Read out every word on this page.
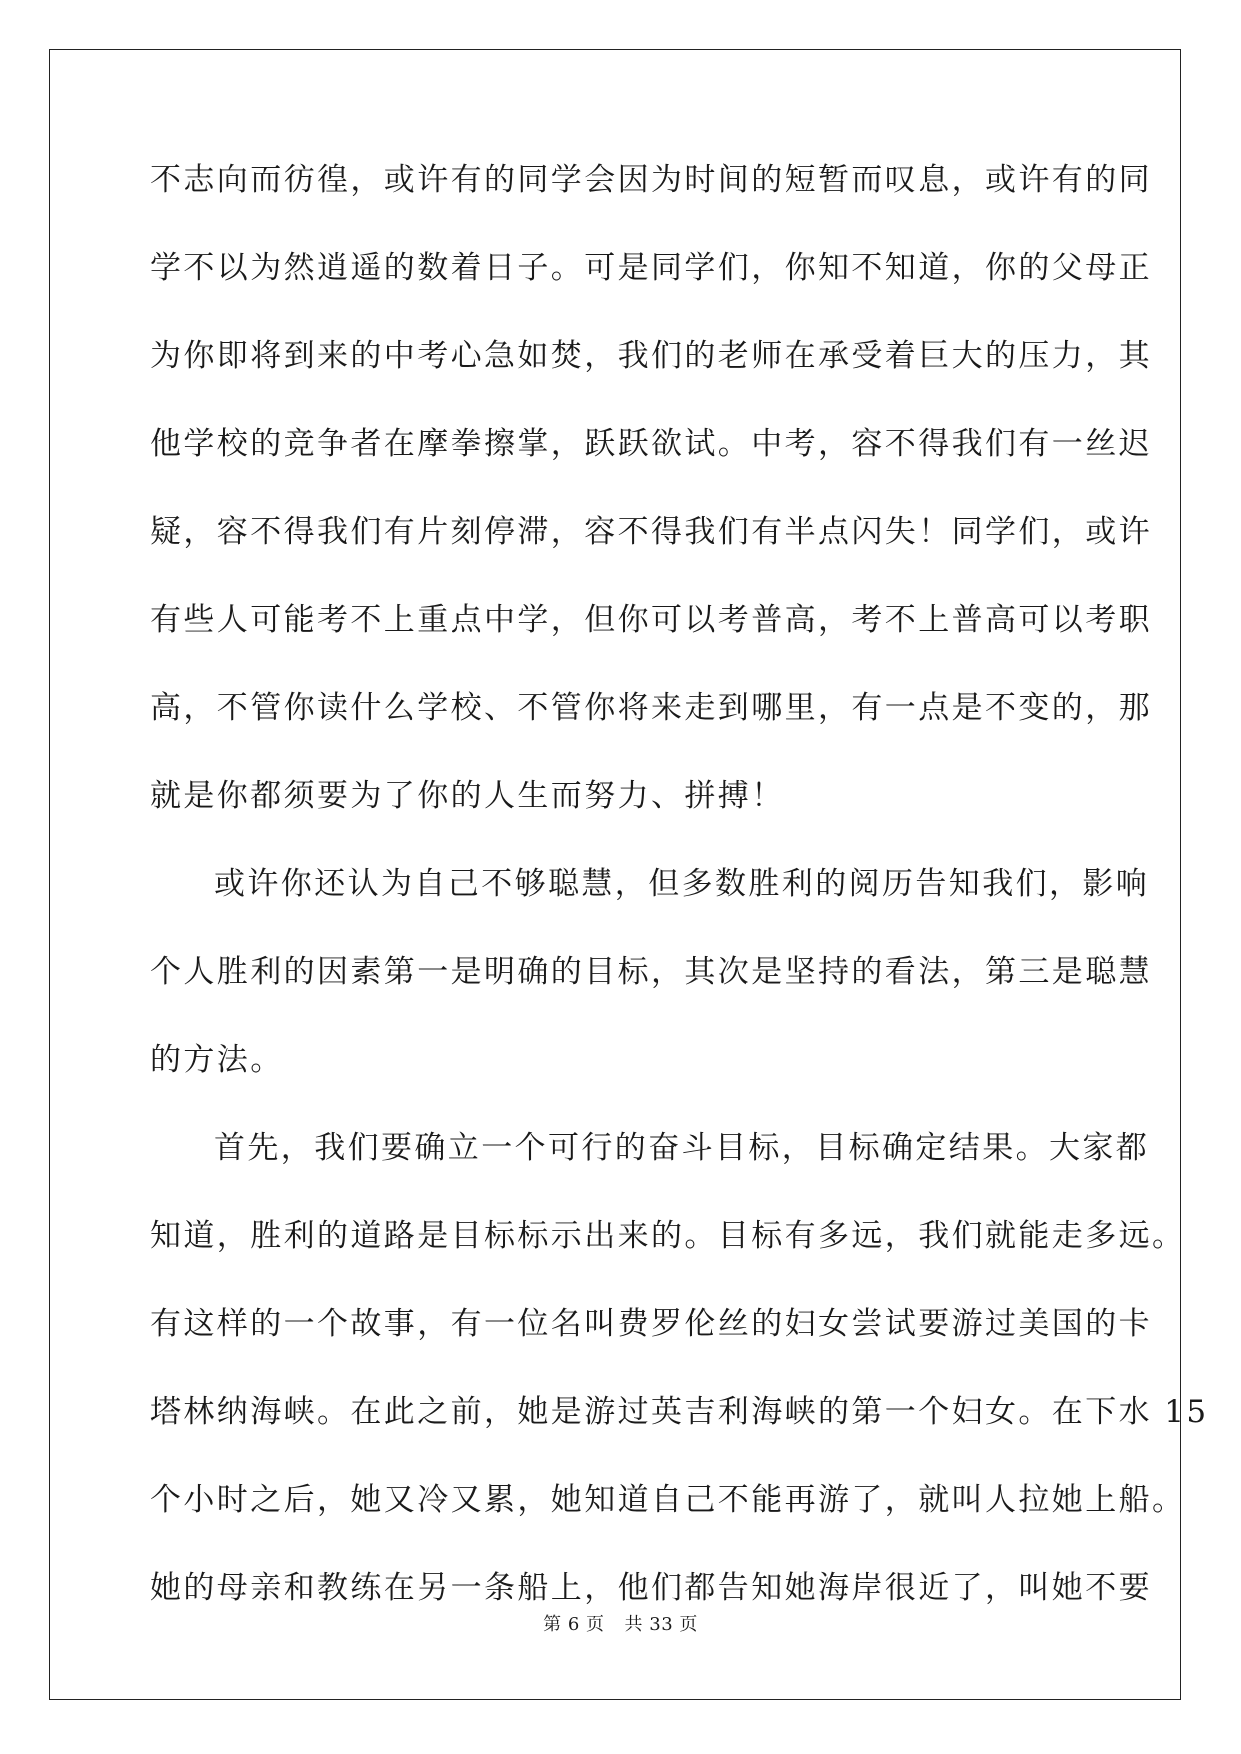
不志向而彷徨，或许有的同学会因为时间的短暂而叹息，或许有的同
学不以为然逍遥的数着日子。可是同学们，你知不知道，你的父母正
为你即将到来的中考心急如焚，我们的老师在承受着巨大的压力，其
他学校的竞争者在摩拳擦掌，跃跃欲试。中考，容不得我们有一丝迟
疑，容不得我们有片刻停滞，容不得我们有半点闪失！同学们，或许
有些人可能考不上重点中学，但你可以考普高，考不上普高可以考职
高，不管你读什么学校、不管你将来走到哪里，有一点是不变的，那
就是你都须要为了你的人生而努力、拼搏！
或许你还认为自己不够聪慧，但多数胜利的阅历告知我们，影响
个人胜利的因素第一是明确的目标，其次是坚持的看法，第三是聪慧
的方法。
首先，我们要确立一个可行的奋斗目标，目标确定结果。大家都
知道，胜利的道路是目标标示出来的。目标有多远，我们就能走多远。
有这样的一个故事，有一位名叫费罗伦丝的妇女尝试要游过美国的卡
塔林纳海峡。在此之前，她是游过英吉利海峡的第一个妇女。在下水 15
个小时之后，她又冷又累，她知道自己不能再游了，就叫人拉她上船。
她的母亲和教练在另一条船上，他们都告知她海岸很近了，叫她不要
第 6 页 共 33 页
